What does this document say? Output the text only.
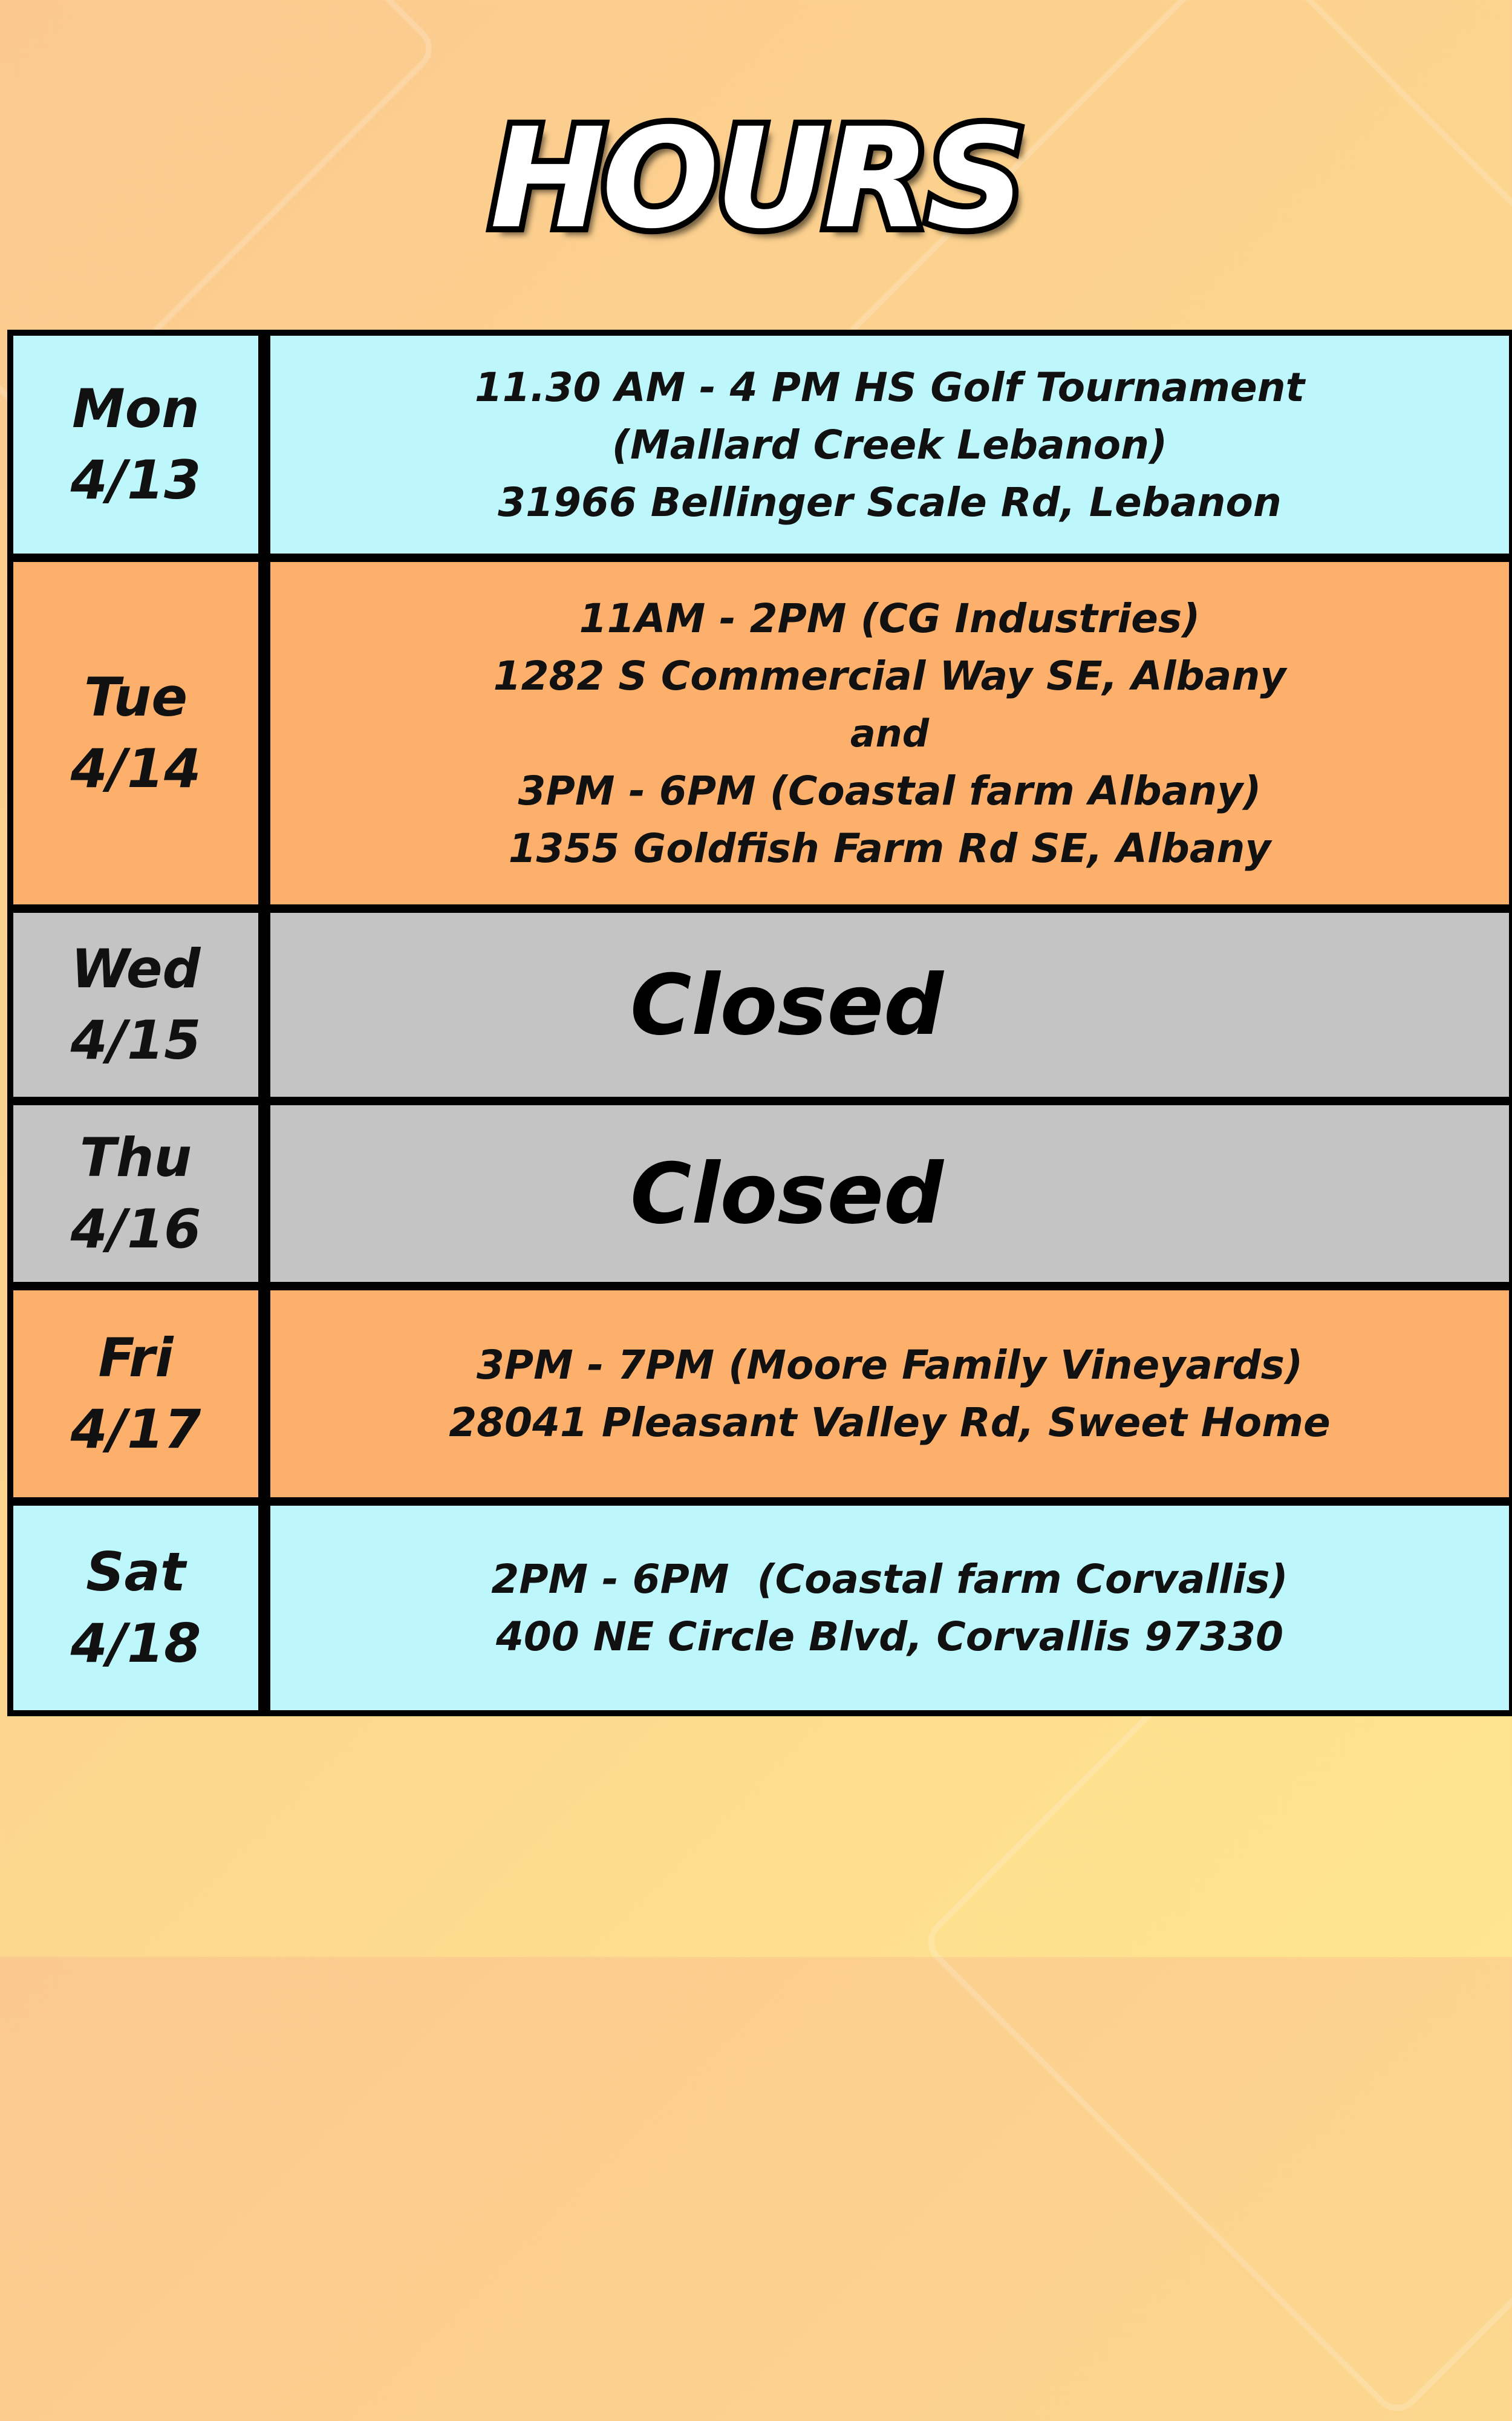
HOURS
Mon
4/13
11.30 AM - 4 PM HS Golf Tournament
(Mallard Creek Lebanon)
31966 Bellinger Scale Rd, Lebanon
Tue
4/14
11AM - 2PM (CG Industries)
1282 S Commercial Way SE, Albany
and
3PM - 6PM (Coastal farm Albany)
1355 Goldfish Farm Rd SE, Albany
Wed
4/15	Closed
Thu
4/16	Closed
Fri
4/17
3PM - 7PM (Moore Family Vineyards)
28041 Pleasant Valley Rd, Sweet Home
Sat
4/18
2PM - 6PM  (Coastal farm Corvallis)
400 NE Circle Blvd, Corvallis 97330
